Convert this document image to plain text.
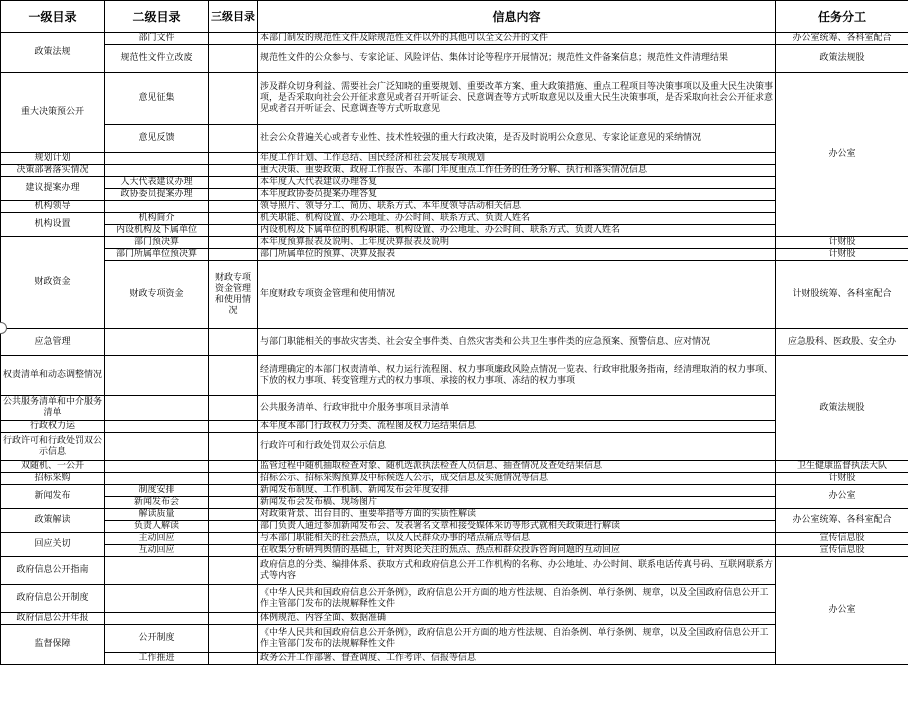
一级目录	二级目录	三级目录	信息内容	任务分工
政策法规	部门文件		本部门制发的规范性文件及除规范性文件以外的其他可以全文公开的文件	办公室统筹、各科室配合
	规范性文件立改废		规范性文件的公众参与、专家论证、风险评估、集体讨论等程序开展情况；规范性文件备案信息；规范性文件清理结果	政策法规股
重大决策预公开	意见征集		涉及群众切身利益、需要社会广泛知晓的重要规划、重要改革方案、重大政策措施、重点工程项目等决策事项以及重大民生决策事项，是否采取向社会公开征求意见或者召开听证会、民意调查等方式听取意见以及重大民生决策事项，是否采取向社会公开征求意见或者召开听证会、民意调查等方式听取意见	办公室
	意见反馈		社会公众普遍关心或者专业性、技术性较强的重大行政决策，是否及时说明公众意见、专家论证意见的采纳情况	
规划计划			年度工作计划、工作总结、国民经济和社会发展专项规划	
决策部署落实情况			重大决策、重要政策、政府工作报告、本部门年度重点工作任务的任务分解、执行和落实情况信息	
建议提案办理	人大代表建议办理		本年度人大代表建议办理答复	
	政协委员提案办理		本年度政协委员提案办理答复	
机构领导			领导照片、领导分工、简历、联系方式、本年度领导活动相关信息	
机构设置	机构简介		机关职能、机构设置、办公地址、办公时间、联系方式、负责人姓名	
	内设机构及下属单位		内设机构及下属单位的机构职能、机构设置、办公地址、办公时间、联系方式、负责人姓名	
财政资金	部门预决算		本年度预算报表及说明、上年度决算报表及说明	计财股
	部门所属单位预决算		部门所属单位的预算、决算及报表	计财股
	财政专项资金	财政专项资金管理和使用情况	年度财政专项资金管理和使用情况	计财股统筹、各科室配合
应急管理			与部门职能相关的事故灾害类、社会安全事件类、自然灾害类和公共卫生事件类的应急预案、预警信息、应对情况	应急股科、医政股、安全办
权责清单和动态调整情况			经清理确定的本部门权责清单、权力运行流程图、权力事项廉政风险点情况一览表、行政审批服务指南，经清理取消的权力事项、下放的权力事项、转变管理方式的权力事项、承接的权力事项、冻结的权力事项	政策法规股
公共服务清单和中介服务清单			公共服务清单、行政审批中介服务事项目录清单	
行政权力运			本年度本部门行政权力分类、流程图及权力运结果信息	
行政许可和行政处罚双公示信息			行政许可和行政处罚双公示信息	
双随机、一公开			监管过程中随机抽取检查对象、随机选派执法检查人员信息、抽查情况及查处结果信息	卫生健康监督执法大队
招标采购			招标公示、招标采购预算及中标候选人公示，成交信息及实施情况等信息	计财股
新闻发布	制度安排		新闻发布制度、工作机制、新闻发布会年度安排	办公室
	新闻发布会		新闻发布会发布稿、现场图片	
政策解读	解读质量		对政策背景、出台目的、重要举措等方面的实质性解读	办公室统筹、各科室配合
	负责人解读		部门负责人通过参加新闻发布会、发表署名文章和接受媒体采访等形式就相关政策进行解读	
回应关切	主动回应		与本部门职能相关的社会热点，以及人民群众办事的堵点痛点等信息	宣传信息股
	互动回应		在收集分析研判舆情的基础上，针对舆论关注的焦点、热点和群众投诉咨询问题的互动回应	宣传信息股
政府信息公开指南			政府信息的分类、编排体系、获取方式和政府信息公开工作机构的名称、办公地址、办公时间、联系电话传真号码、互联网联系方式等内容	办公室
政府信息公开制度			《中华人民共和国政府信息公开条例》，政府信息公开方面的地方性法规、自治条例、单行条例、规章，以及全国政府信息公开工作主管部门发布的法规解释性文件	
政府信息公开年报			体例规范、内容全面、数据准确	
监督保障	公开制度		《中华人民共和国政府信息公开条例》，政府信息公开方面的地方性法规、自治条例、单行条例、规章，以及全国政府信息公开工作主管部门发布的法规解释性文件	
	工作推进		政务公开工作部署、督查调度、工作考评、信报等信息	
